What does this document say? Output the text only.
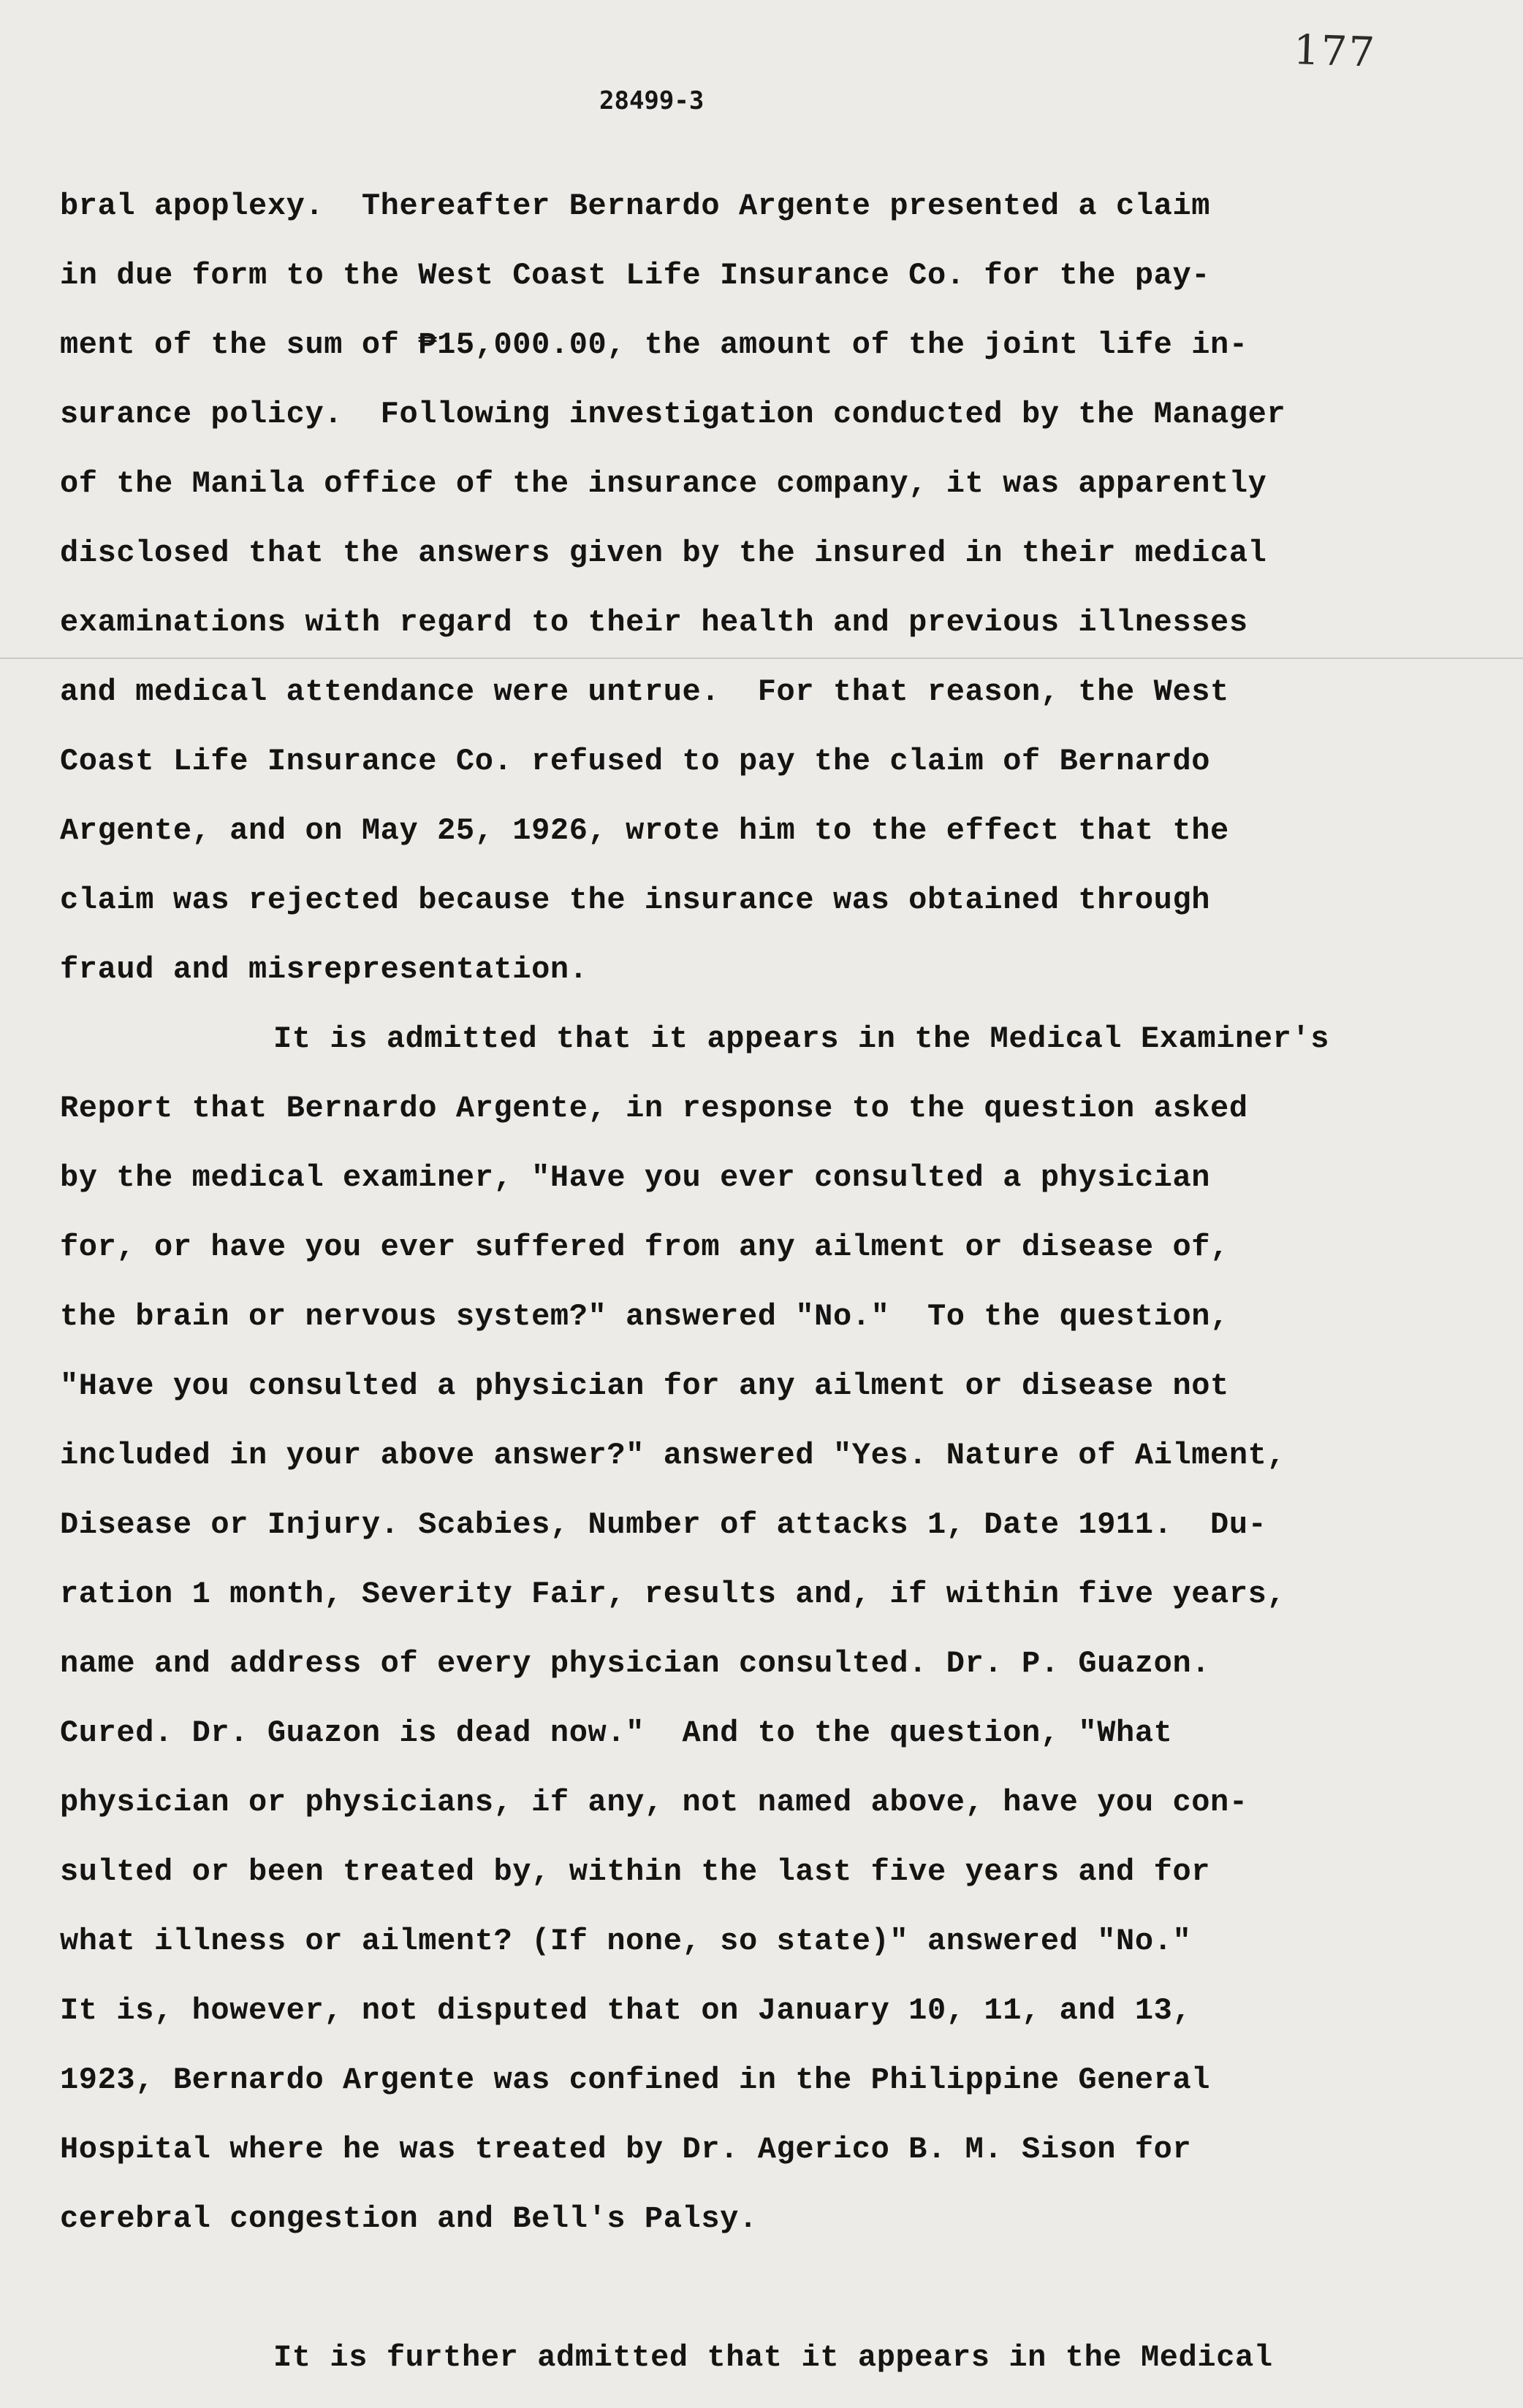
177
28499-3
bral apoplexy.  Thereafter Bernardo Argente presented a claim
in due form to the West Coast Life Insurance Co. for the pay-
ment of the sum of ₱15,000.00, the amount of the joint life in-
surance policy.  Following investigation conducted by the Manager
of the Manila office of the insurance company, it was apparently
disclosed that the answers given by the insured in their medical
examinations with regard to their health and previous illnesses
and medical attendance were untrue.  For that reason, the West
Coast Life Insurance Co. refused to pay the claim of Bernardo
Argente, and on May 25, 1926, wrote him to the effect that the
claim was rejected because the insurance was obtained through
fraud and misrepresentation.
It is admitted that it appears in the Medical Examiner's
Report that Bernardo Argente, in response to the question asked
by the medical examiner, "Have you ever consulted a physician
for, or have you ever suffered from any ailment or disease of,
the brain or nervous system?" answered "No."  To the question,
"Have you consulted a physician for any ailment or disease not
included in your above answer?" answered "Yes. Nature of Ailment,
Disease or Injury. Scabies, Number of attacks 1, Date 1911.  Du-
ration 1 month, Severity Fair, results and, if within five years,
name and address of every physician consulted. Dr. P. Guazon.
Cured. Dr. Guazon is dead now."  And to the question, "What
physician or physicians, if any, not named above, have you con-
sulted or been treated by, within the last five years and for
what illness or ailment? (If none, so state)" answered "No."
It is, however, not disputed that on January 10, 11, and 13,
1923, Bernardo Argente was confined in the Philippine General
Hospital where he was treated by Dr. Agerico B. M. Sison for
cerebral congestion and Bell's Palsy.
It is further admitted that it appears in the Medical
